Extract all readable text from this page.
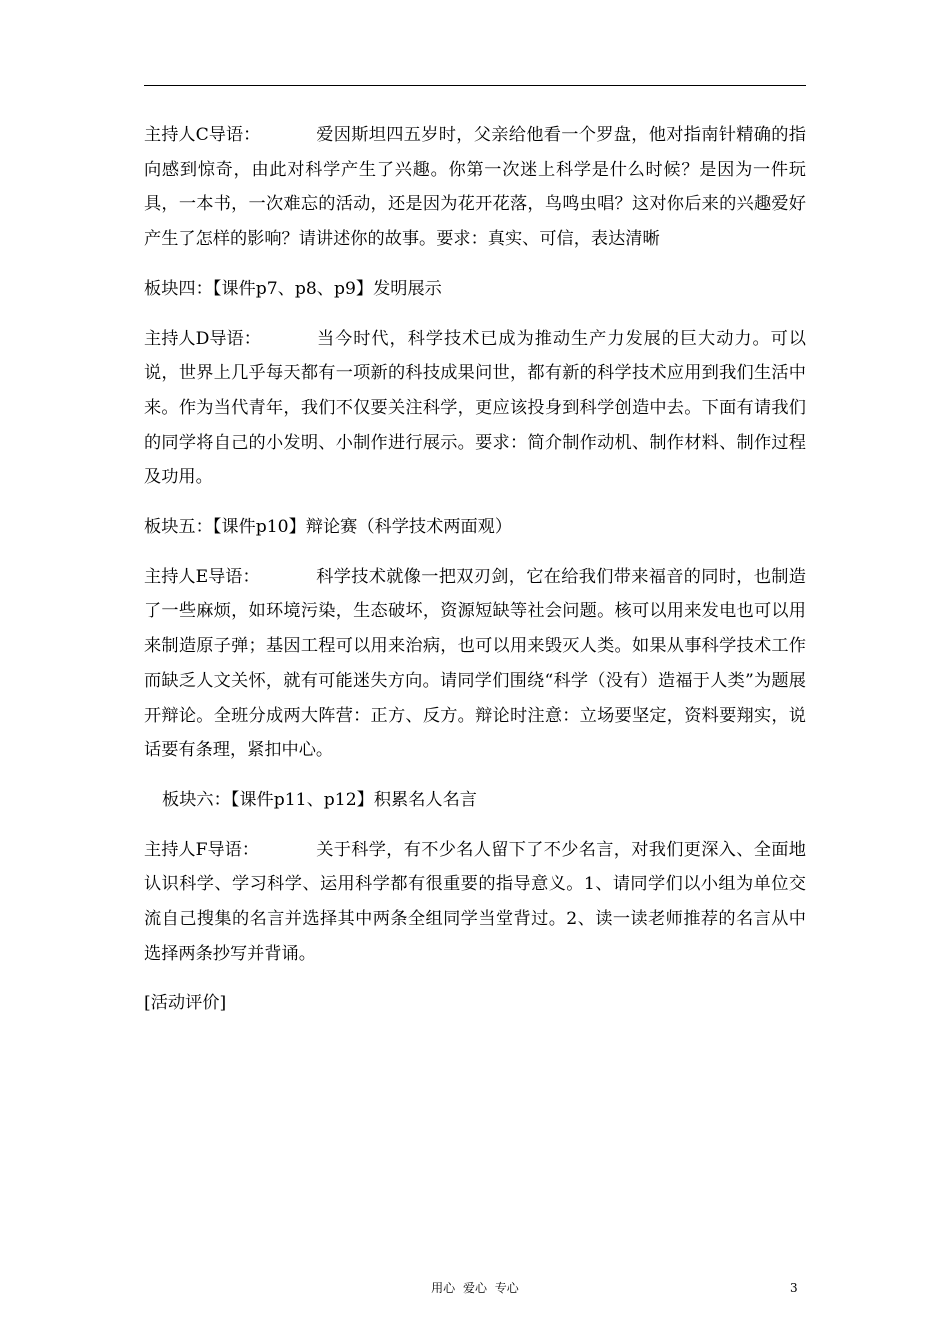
主持人C导语：	爱因斯坦四五岁时，父亲给他看一个罗盘，他对指南针精确的指向感到惊奇，由此对科学产生了兴趣。你第一次迷上科学是什么时候？是因为一件玩具，一本书，一次难忘的活动，还是因为花开花落，鸟鸣虫唱？这对你后来的兴趣爱好产生了怎样的影响？请讲述你的故事。要求：真实、可信，表达清晰

板块四：【课件p7、p8、p9】发明展示

主持人D导语：	当今时代，科学技术已成为推动生产力发展的巨大动力。可以说，世界上几乎每天都有一项新的科技成果问世，都有新的科学技术应用到我们生活中来。作为当代青年，我们不仅要关注科学，更应该投身到科学创造中去。下面有请我们的同学将自己的小发明、小制作进行展示。要求：简介制作动机、制作材料、制作过程及功用。

板块五：【课件p10】辩论赛（科学技术两面观）

主持人E导语：	科学技术就像一把双刃剑，它在给我们带来福音的同时，也制造了一些麻烦，如环境污染，生态破坏，资源短缺等社会问题。核可以用来发电也可以用来制造原子弹；基因工程可以用来治病，也可以用来毁灭人类。如果从事科学技术工作而缺乏人文关怀，就有可能迷失方向。请同学们围绕“科学（没有）造福于人类”为题展开辩论。全班分成两大阵营：正方、反方。辩论时注意：立场要坚定，资料要翔实，说话要有条理，紧扣中心。

板块六：【课件p11、p12】积累名人名言

主持人F导语：	关于科学，有不少名人留下了不少名言，对我们更深入、全面地认识科学、学习科学、运用科学都有很重要的指导意义。1、请同学们以小组为单位交流自己搜集的名言并选择其中两条全组同学当堂背过。2、读一读老师推荐的名言从中选择两条抄写并背诵。

[活动评价]
用心 爱心 专心	3
